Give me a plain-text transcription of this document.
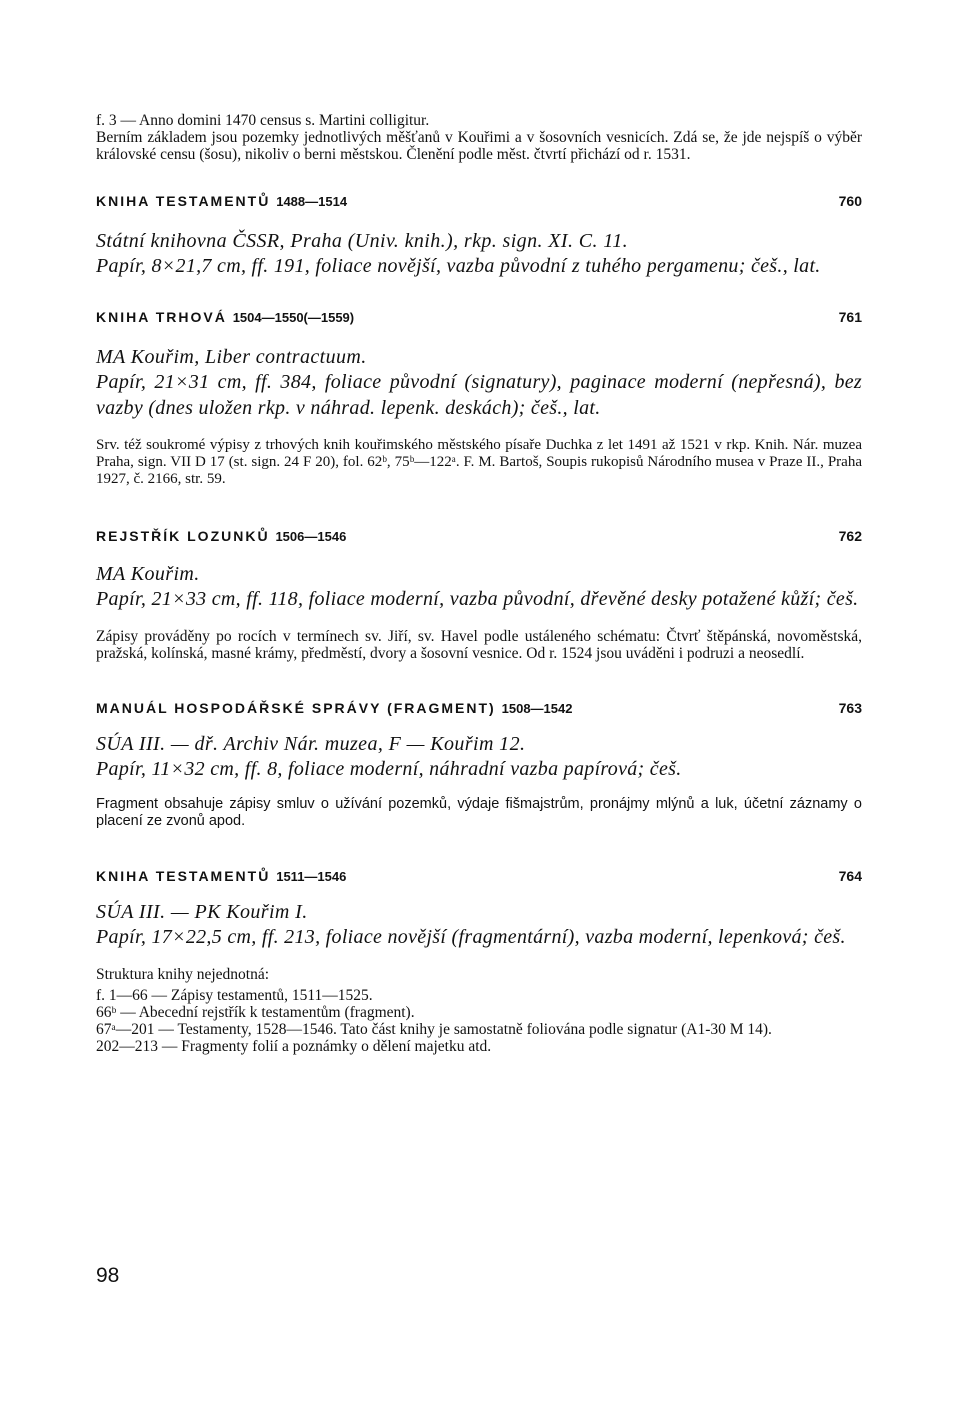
f. 3 — Anno domini 1470 census s. Martini colligitur.

Berním základem jsou pozemky jednotlivých měšťanů v Kouřimi a v šosovních vesnicích. Zdá se, že jde nejspíš o výběr královské censu (šosu), nikoliv o berni městskou. Členění podle měst. čtvrtí přichází od r. 1531.

KNIHA TESTAMENTŮ 1488—1514	760

Státní knihovna ČSSR, Praha (Univ. knih.), rkp. sign. XI. C. 11.

Papír, 8×21,7 cm, ff. 191, foliace novější, vazba původní z tuhého pergamenu; češ., lat.

KNIHA TRHOVÁ 1504—1550(—1559)	761

MA Kouřim, Liber contractuum.

Papír, 21×31 cm, ff. 384, foliace původní (signatury), paginace moderní (nepřesná), bez vazby (dnes uložen rkp. v náhrad. lepenk. deskách); češ., lat.

Srv. též soukromé výpisy z trhových knih kouřimského městského písaře Duchka z let 1491 až 1521 v rkp. Knih. Nár. muzea Praha, sign. VII D 17 (st. sign. 24 F 20), fol. 62ᵇ, 75ᵇ—122ᵃ. F. M. Bartoš, Soupis rukopisů Národního musea v Praze II., Praha 1927, č. 2166, str. 59.

REJSTŘÍK LOZUNKŮ 1506—1546	762

MA Kouřim.

Papír, 21×33 cm, ff. 118, foliace moderní, vazba původní, dřevěné desky potažené kůží; češ.

Zápisy prováděny po rocích v termínech sv. Jiří, sv. Havel podle ustáleného schématu: Čtvrť štěpánská, novoměstská, pražská, kolínská, masné krámy, předměstí, dvory a šosovní vesnice. Od r. 1524 jsou uváděni i podruzi a neosedlí.

MANUÁL HOSPODÁŘSKÉ SPRÁVY (FRAGMENT) 1508—1542	763

SÚA III. — dř. Archiv Nár. muzea, F — Kouřim 12.

Papír, 11×32 cm, ff. 8, foliace moderní, náhradní vazba papírová; češ.

Fragment obsahuje zápisy smluv o užívání pozemků, výdaje fišmajstrům, pronájmy mlýnů a luk, účetní záznamy o placení ze zvonů apod.

KNIHA TESTAMENTŮ 1511—1546	764

SÚA III. — PK Kouřim I.

Papír, 17×22,5 cm, ff. 213, foliace novější (fragmentární), vazba moderní, lepenková; češ.

Struktura knihy nejednotná:

f. 1—66 — Zápisy testamentů, 1511—1525.
66ᵇ — Abecední rejstřík k testamentům (fragment).
67ᵃ—201 — Testamenty, 1528—1546. Tato část knihy je samostatně foliována podle signatur (A1-30 M 14).
202—213 — Fragmenty folií a poznámky o dělení majetku atd.
98
